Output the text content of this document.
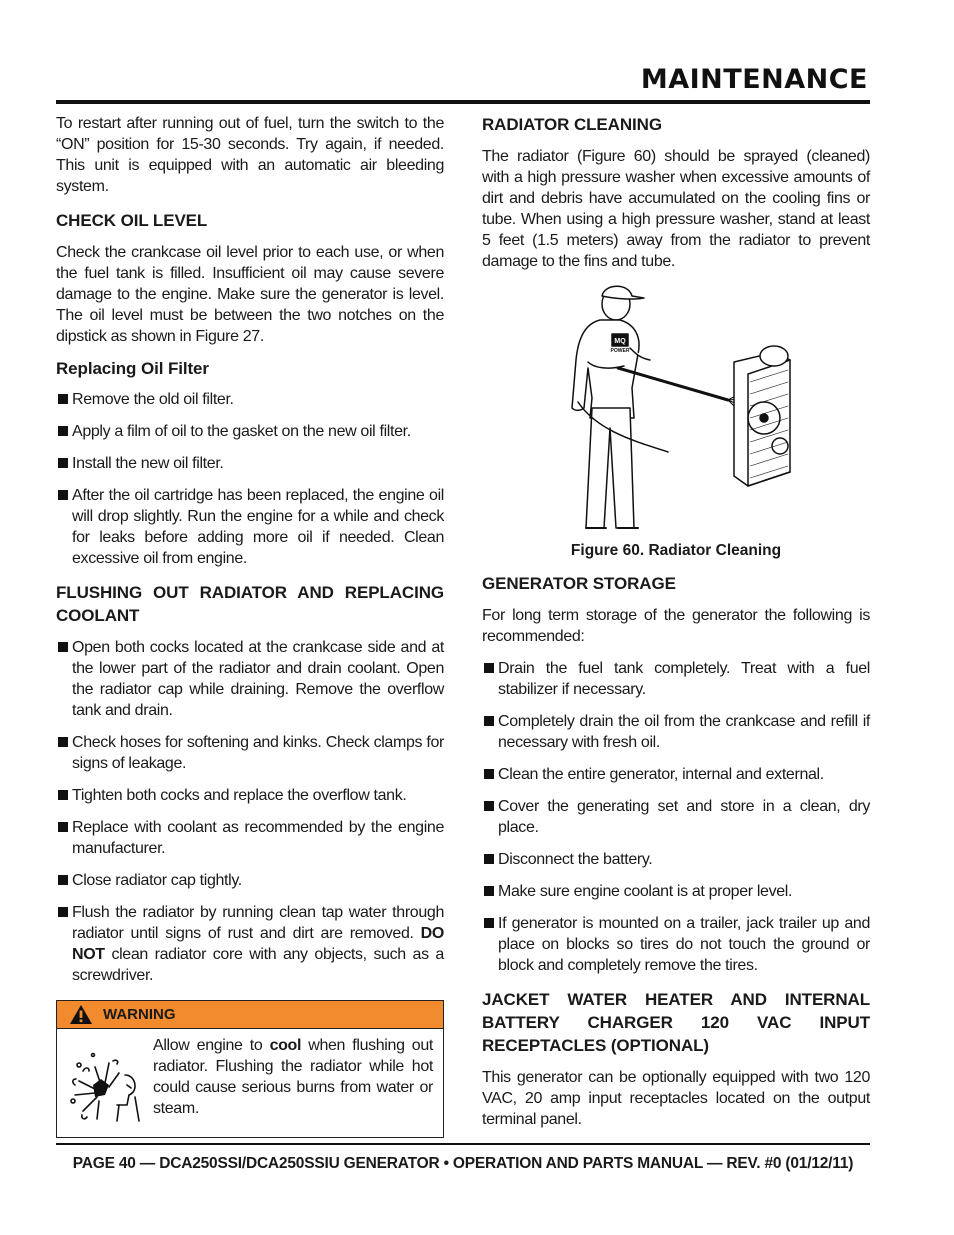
MAINTENANCE

To restart after running out of fuel, turn the switch to the “ON” position for 15-30 seconds. Try again, if needed. This unit is equipped with an automatic air bleeding system.

CHECK OIL LEVEL

Check the crankcase oil level prior to each use, or when the fuel tank is filled. Insufficient oil may cause severe damage to the engine. Make sure the generator is level. The oil level must be between the two notches on the dipstick as shown in Figure 27.

Replacing Oil Filter
Remove the old oil filter.
Apply a film of oil to the gasket on the new oil filter.
Install the new oil filter.
After the oil cartridge has been replaced, the engine oil will drop slightly. Run the engine for a while and check for leaks before adding more oil if needed. Clean excessive oil from engine.
FLUSHING OUT RADIATOR AND REPLACING COOLANT
Open both cocks located at the crankcase side and at the lower part of the radiator and drain coolant. Open the radiator cap while draining. Remove the overflow tank and drain.
Check hoses for softening and kinks. Check clamps for signs of leakage.
Tighten both cocks and replace the overflow tank.
Replace with coolant as recommended by the engine manufacturer.
Close radiator cap tightly.
Flush the radiator by running clean tap water through radiator until signs of rust and dirt are removed. DO NOT clean radiator core with any objects, such as a screwdriver.
WARNING

Allow engine to cool when flushing out radiator. Flushing the radiator while hot could cause serious burns from water or steam.

RADIATOR CLEANING

The radiator (Figure 60) should be sprayed (cleaned) with a high pressure washer when excessive amounts of dirt and debris have accumulated on the cooling fins or tube. When using a high pressure washer, stand at least 5 feet (1.5 meters) away from the radiator to prevent damage to the fins and tube.

MQ
POWER
Figure 60. Radiator Cleaning
GENERATOR STORAGE

For long term storage of the generator the following is recommended:

Drain the fuel tank completely. Treat with a fuel stabilizer if necessary.
Completely drain the oil from the crankcase and refill if necessary with fresh oil.
Clean the entire generator, internal and external.
Cover the generating set and store in a clean, dry place.
Disconnect the battery.
Make sure engine coolant is at proper level.
If generator is mounted on a trailer, jack trailer up and place on blocks so tires do not touch the ground or block and completely remove the tires.
JACKET WATER HEATER AND INTERNAL BATTERY CHARGER 120 VAC INPUT RECEPTACLES (OPTIONAL)

This generator can be optionally equipped with two 120 VAC, 20 amp input receptacles located on the output terminal panel.

PAGE 40 — DCA250SSI/DCA250SSIU GENERATOR • OPERATION AND PARTS MANUAL — REV. #0 (01/12/11)
